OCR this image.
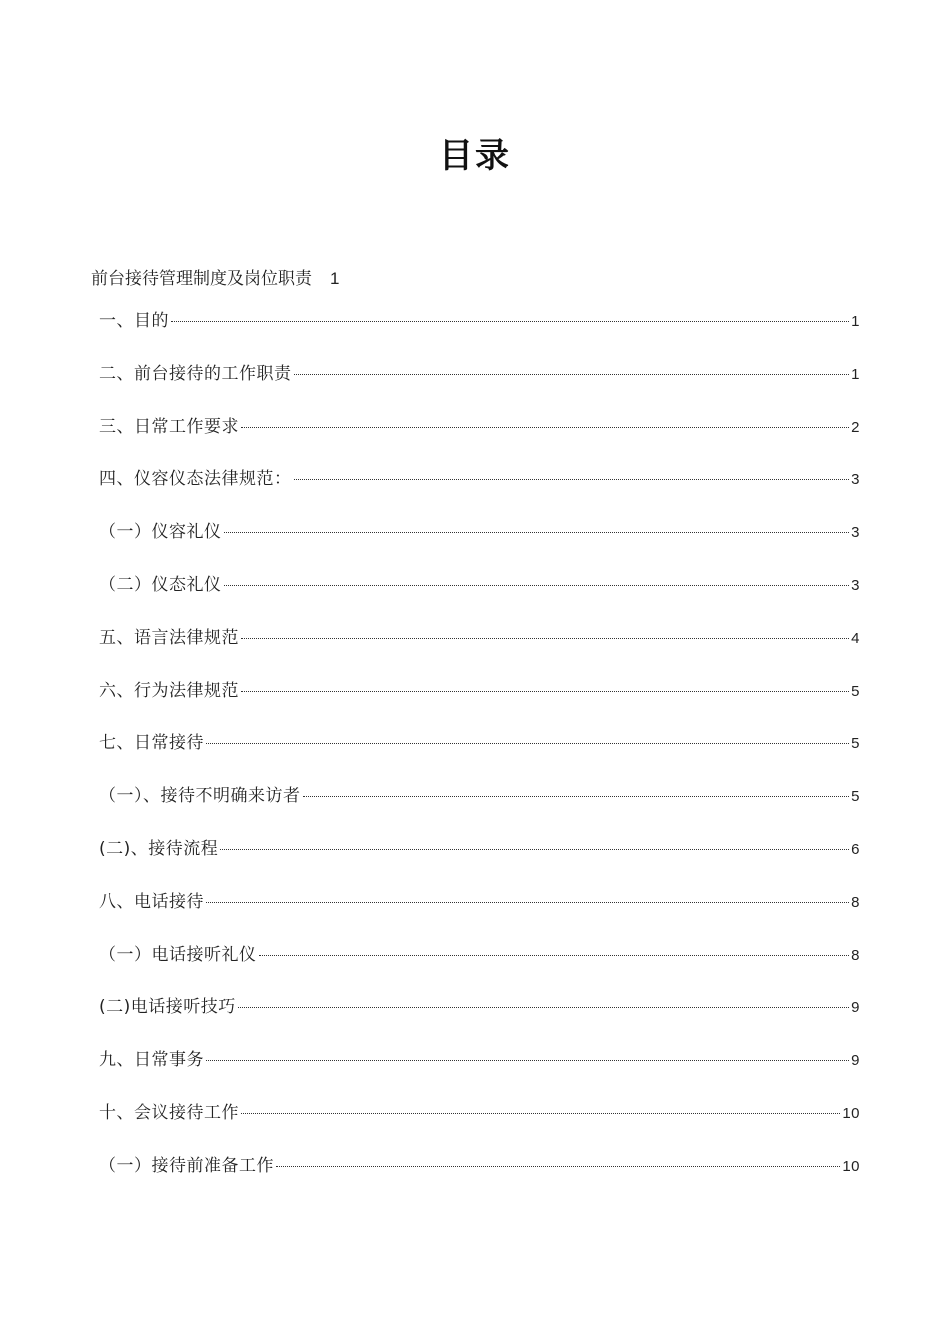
目录
前台接待管理制度及岗位职责 1
一、目的	1
二、前台接待的工作职责	1
三、日常工作要求	2
四、仪容仪态法律规范：	3
（一）仪容礼仪	3
（二）仪态礼仪	3
五、语言法律规范	4
六、行为法律规范	5
七、日常接待	5
（一）、接待不明确来访者	5
(二)、接待流程	6
八、电话接待	8
（一）电话接听礼仪	8
(二)电话接听技巧	9
九、日常事务	9
十、会议接待工作	10
（一）接待前准备工作	10
